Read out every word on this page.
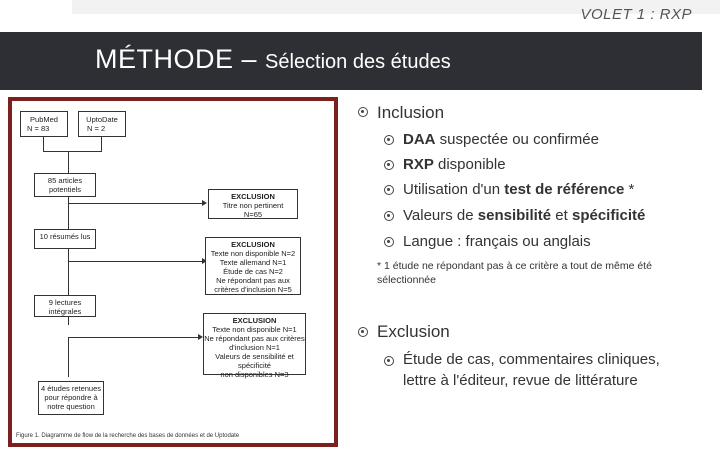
VOLET 1 : RXP
MÉTHODE – Sélection des études
PubMed
N = 83
UptoDate
N = 2
85 articles potentiels
EXCLUSION
Titre non pertinent
N=65
10 résumés lus
EXCLUSION
Texte non disponible N=2
Texte allemand N=1
Étude de cas N=2
Ne répondant pas aux
critères d'inclusion N=5
9 lectures intégrales
EXCLUSION
Texte non disponible N=1
Ne répondant pas aux critères
d'inclusion N=1
Valeurs de sensibilité et spécificité
non disponibles N=3
4 études retenues pour répondre à notre question
Figure 1. Diagramme de flow de la recherche des bases de données et de Uptodate
Inclusion
DAA suspectée ou confirmée
RXP disponible
Utilisation d'un test de référence *
Valeurs de sensibilité et spécificité
Langue : français ou anglais
* 1 étude ne répondant pas à ce critère a tout de même été sélectionnée
Exclusion
Étude de cas, commentaires cliniques,
lettre à l'éditeur, revue de littérature
